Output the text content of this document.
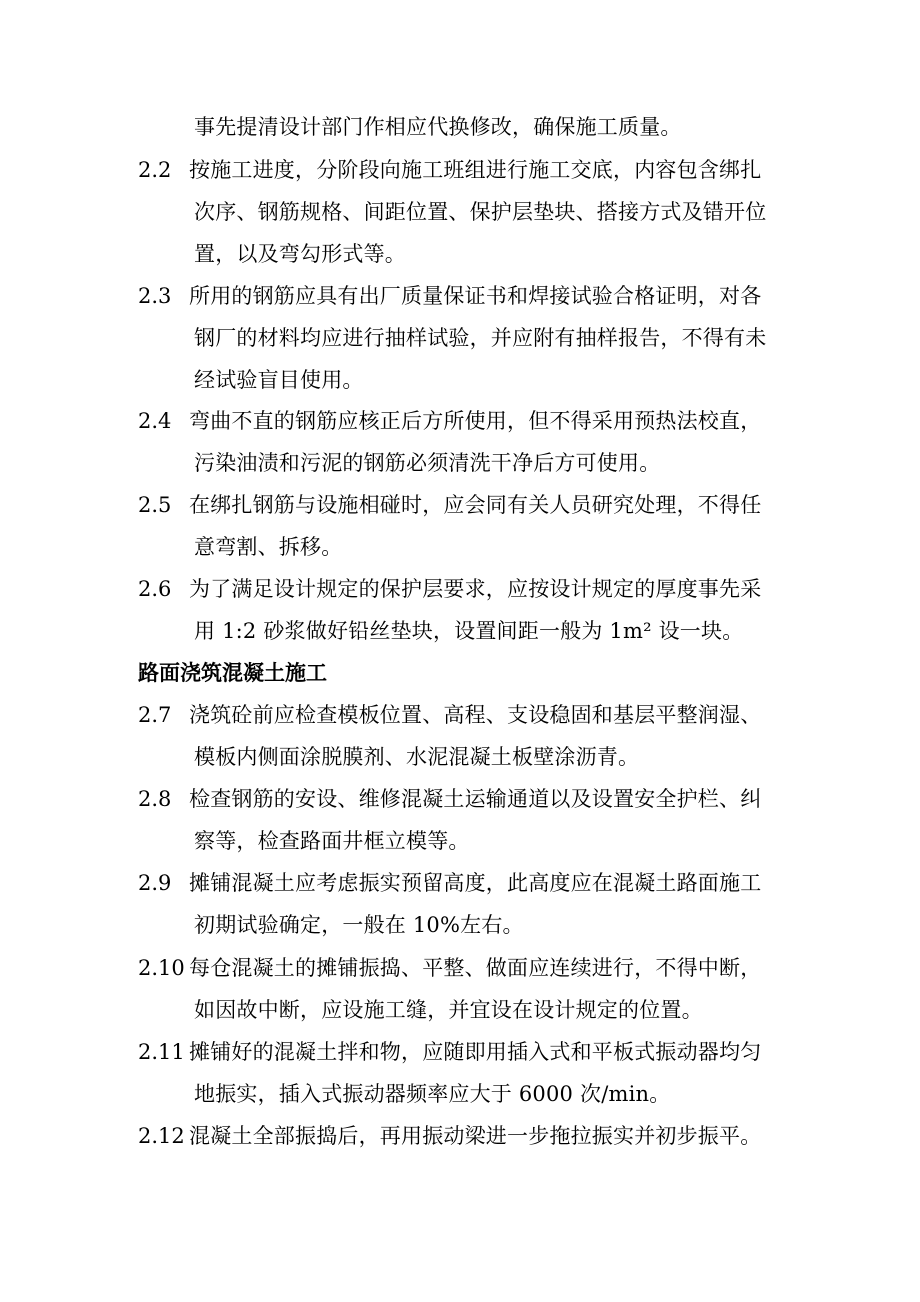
事先提清设计部门作相应代换修改，确保施工质量。
2.2 按施工进度，分阶段向施工班组进行施工交底，内容包含绑扎
次序、钢筋规格、间距位置、保护层垫块、搭接方式及错开位
置，以及弯勾形式等。
2.3 所用的钢筋应具有出厂质量保证书和焊接试验合格证明，对各
钢厂的材料均应进行抽样试验，并应附有抽样报告，不得有未
经试验盲目使用。
2.4 弯曲不直的钢筋应核正后方所使用，但不得采用预热法校直，
污染油渍和污泥的钢筋必须清洗干净后方可使用。
2.5 在绑扎钢筋与设施相碰时，应会同有关人员研究处理，不得任
意弯割、拆移。
2.6 为了满足设计规定的保护层要求，应按设计规定的厚度事先采
用 1:2 砂浆做好铅丝垫块，设置间距一般为 1m² 设一块。
路面浇筑混凝土施工
2.7 浇筑砼前应检查模板位置、高程、支设稳固和基层平整润湿、
模板内侧面涂脱膜剂、水泥混凝土板壁涂沥青。
2.8 检查钢筋的安设、维修混凝土运输通道以及设置安全护栏、纠
察等，检查路面井框立模等。
2.9 摊铺混凝土应考虑振实预留高度，此高度应在混凝土路面施工
初期试验确定，一般在 10%左右。
2.10 每仓混凝土的摊铺振捣、平整、做面应连续进行，不得中断，
如因故中断，应设施工缝，并宜设在设计规定的位置。
2.11 摊铺好的混凝土拌和物，应随即用插入式和平板式振动器均匀
地振实，插入式振动器频率应大于 6000 次/min。
2.12 混凝土全部振捣后，再用振动梁进一步拖拉振实并初步振平。
